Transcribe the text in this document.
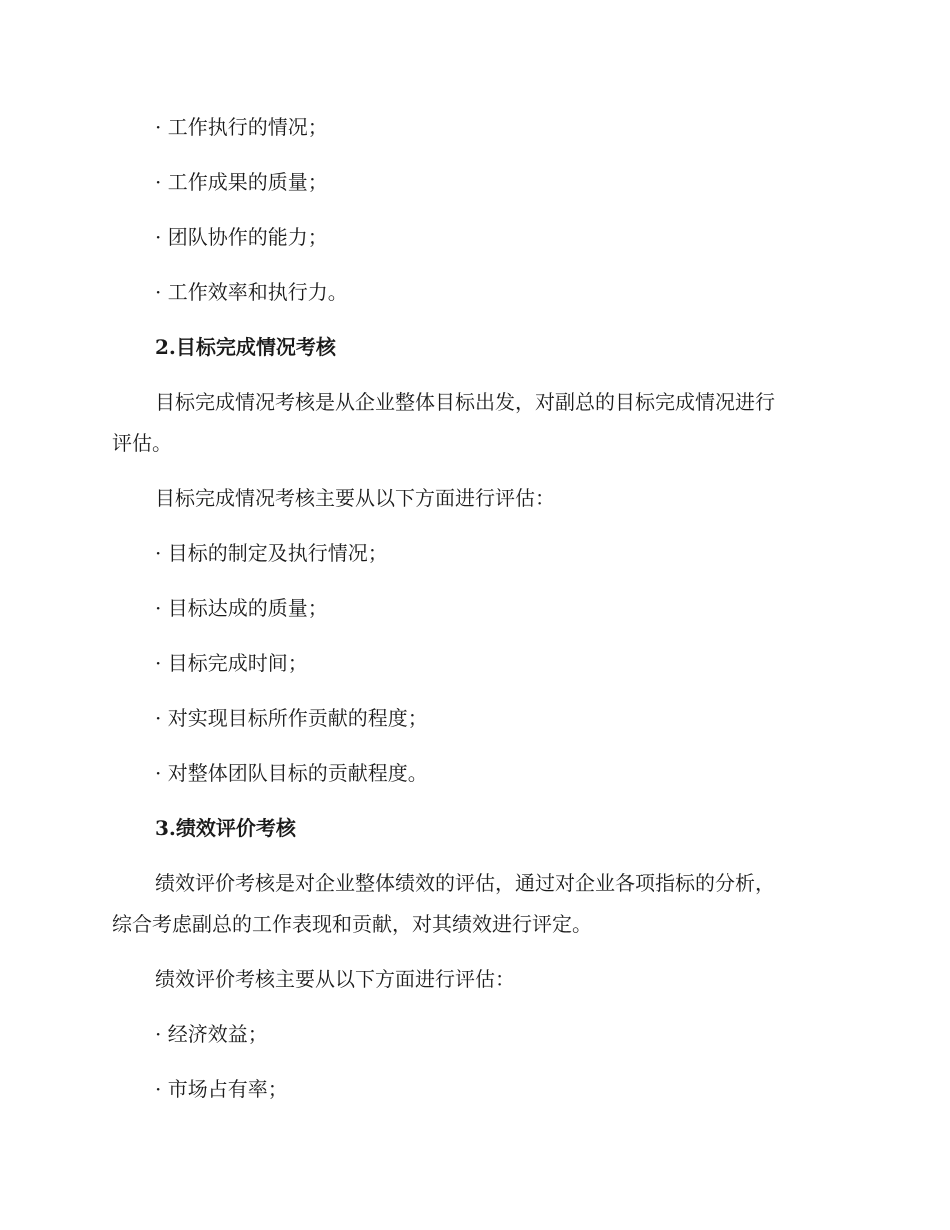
· 工作执行的情况；
· 工作成果的质量；
· 团队协作的能力；
· 工作效率和执行力。
2.目标完成情况考核
目标完成情况考核是从企业整体目标出发，对副总的目标完成情况进行
评估。
目标完成情况考核主要从以下方面进行评估：
· 目标的制定及执行情况；
· 目标达成的质量；
· 目标完成时间；
· 对实现目标所作贡献的程度；
· 对整体团队目标的贡献程度。
3.绩效评价考核
绩效评价考核是对企业整体绩效的评估，通过对企业各项指标的分析，
综合考虑副总的工作表现和贡献，对其绩效进行评定。
绩效评价考核主要从以下方面进行评估：
· 经济效益；
· 市场占有率；
